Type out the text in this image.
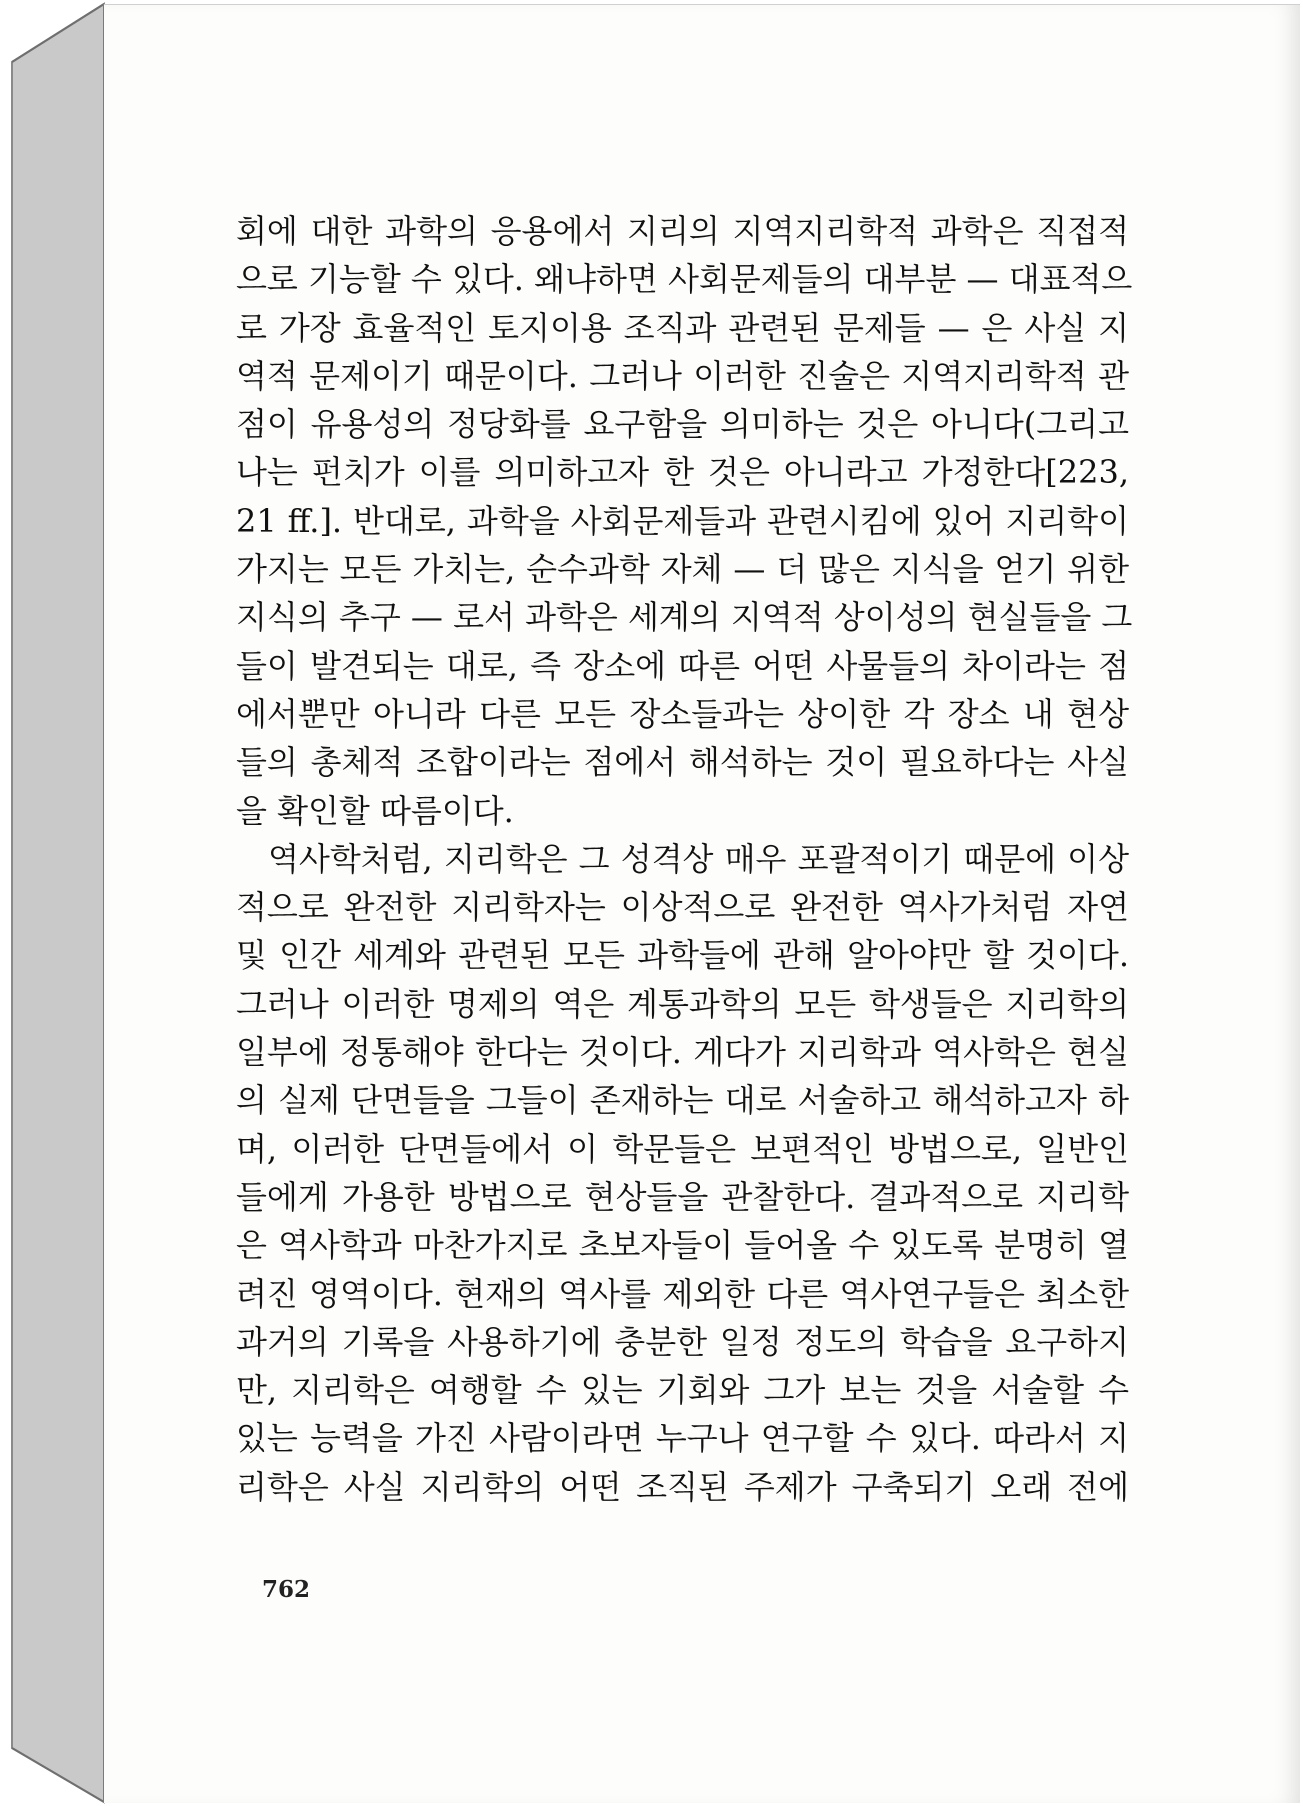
회에 대한 과학의 응용에서 지리의 지역지리학적 과학은 직접적
으로 기능할 수 있다. 왜냐하면 사회문제들의 대부분 — 대표적으
로 가장 효율적인 토지이용 조직과 관련된 문제들 — 은 사실 지
역적 문제이기 때문이다. 그러나 이러한 진술은 지역지리학적 관
점이 유용성의 정당화를 요구함을 의미하는 것은 아니다(그리고
나는 펀치가 이를 의미하고자 한 것은 아니라고 가정한다[223,
21 ff.]. 반대로, 과학을 사회문제들과 관련시킴에 있어 지리학이
가지는 모든 가치는, 순수과학 자체 — 더 많은 지식을 얻기 위한
지식의 추구 — 로서 과학은 세계의 지역적 상이성의 현실들을 그
들이 발견되는 대로, 즉 장소에 따른 어떤 사물들의 차이라는 점
에서뿐만 아니라 다른 모든 장소들과는 상이한 각 장소 내 현상
들의 총체적 조합이라는 점에서 해석하는 것이 필요하다는 사실
을 확인할 따름이다.
역사학처럼, 지리학은 그 성격상 매우 포괄적이기 때문에 이상
적으로 완전한 지리학자는 이상적으로 완전한 역사가처럼 자연
및 인간 세계와 관련된 모든 과학들에 관해 알아야만 할 것이다.
그러나 이러한 명제의 역은 계통과학의 모든 학생들은 지리학의
일부에 정통해야 한다는 것이다. 게다가 지리학과 역사학은 현실
의 실제 단면들을 그들이 존재하는 대로 서술하고 해석하고자 하
며, 이러한 단면들에서 이 학문들은 보편적인 방법으로, 일반인
들에게 가용한 방법으로 현상들을 관찰한다. 결과적으로 지리학
은 역사학과 마찬가지로 초보자들이 들어올 수 있도록 분명히 열
려진 영역이다. 현재의 역사를 제외한 다른 역사연구들은 최소한
과거의 기록을 사용하기에 충분한 일정 정도의 학습을 요구하지
만, 지리학은 여행할 수 있는 기회와 그가 보는 것을 서술할 수
있는 능력을 가진 사람이라면 누구나 연구할 수 있다. 따라서 지
리학은 사실 지리학의 어떤 조직된 주제가 구축되기 오래 전에
762
